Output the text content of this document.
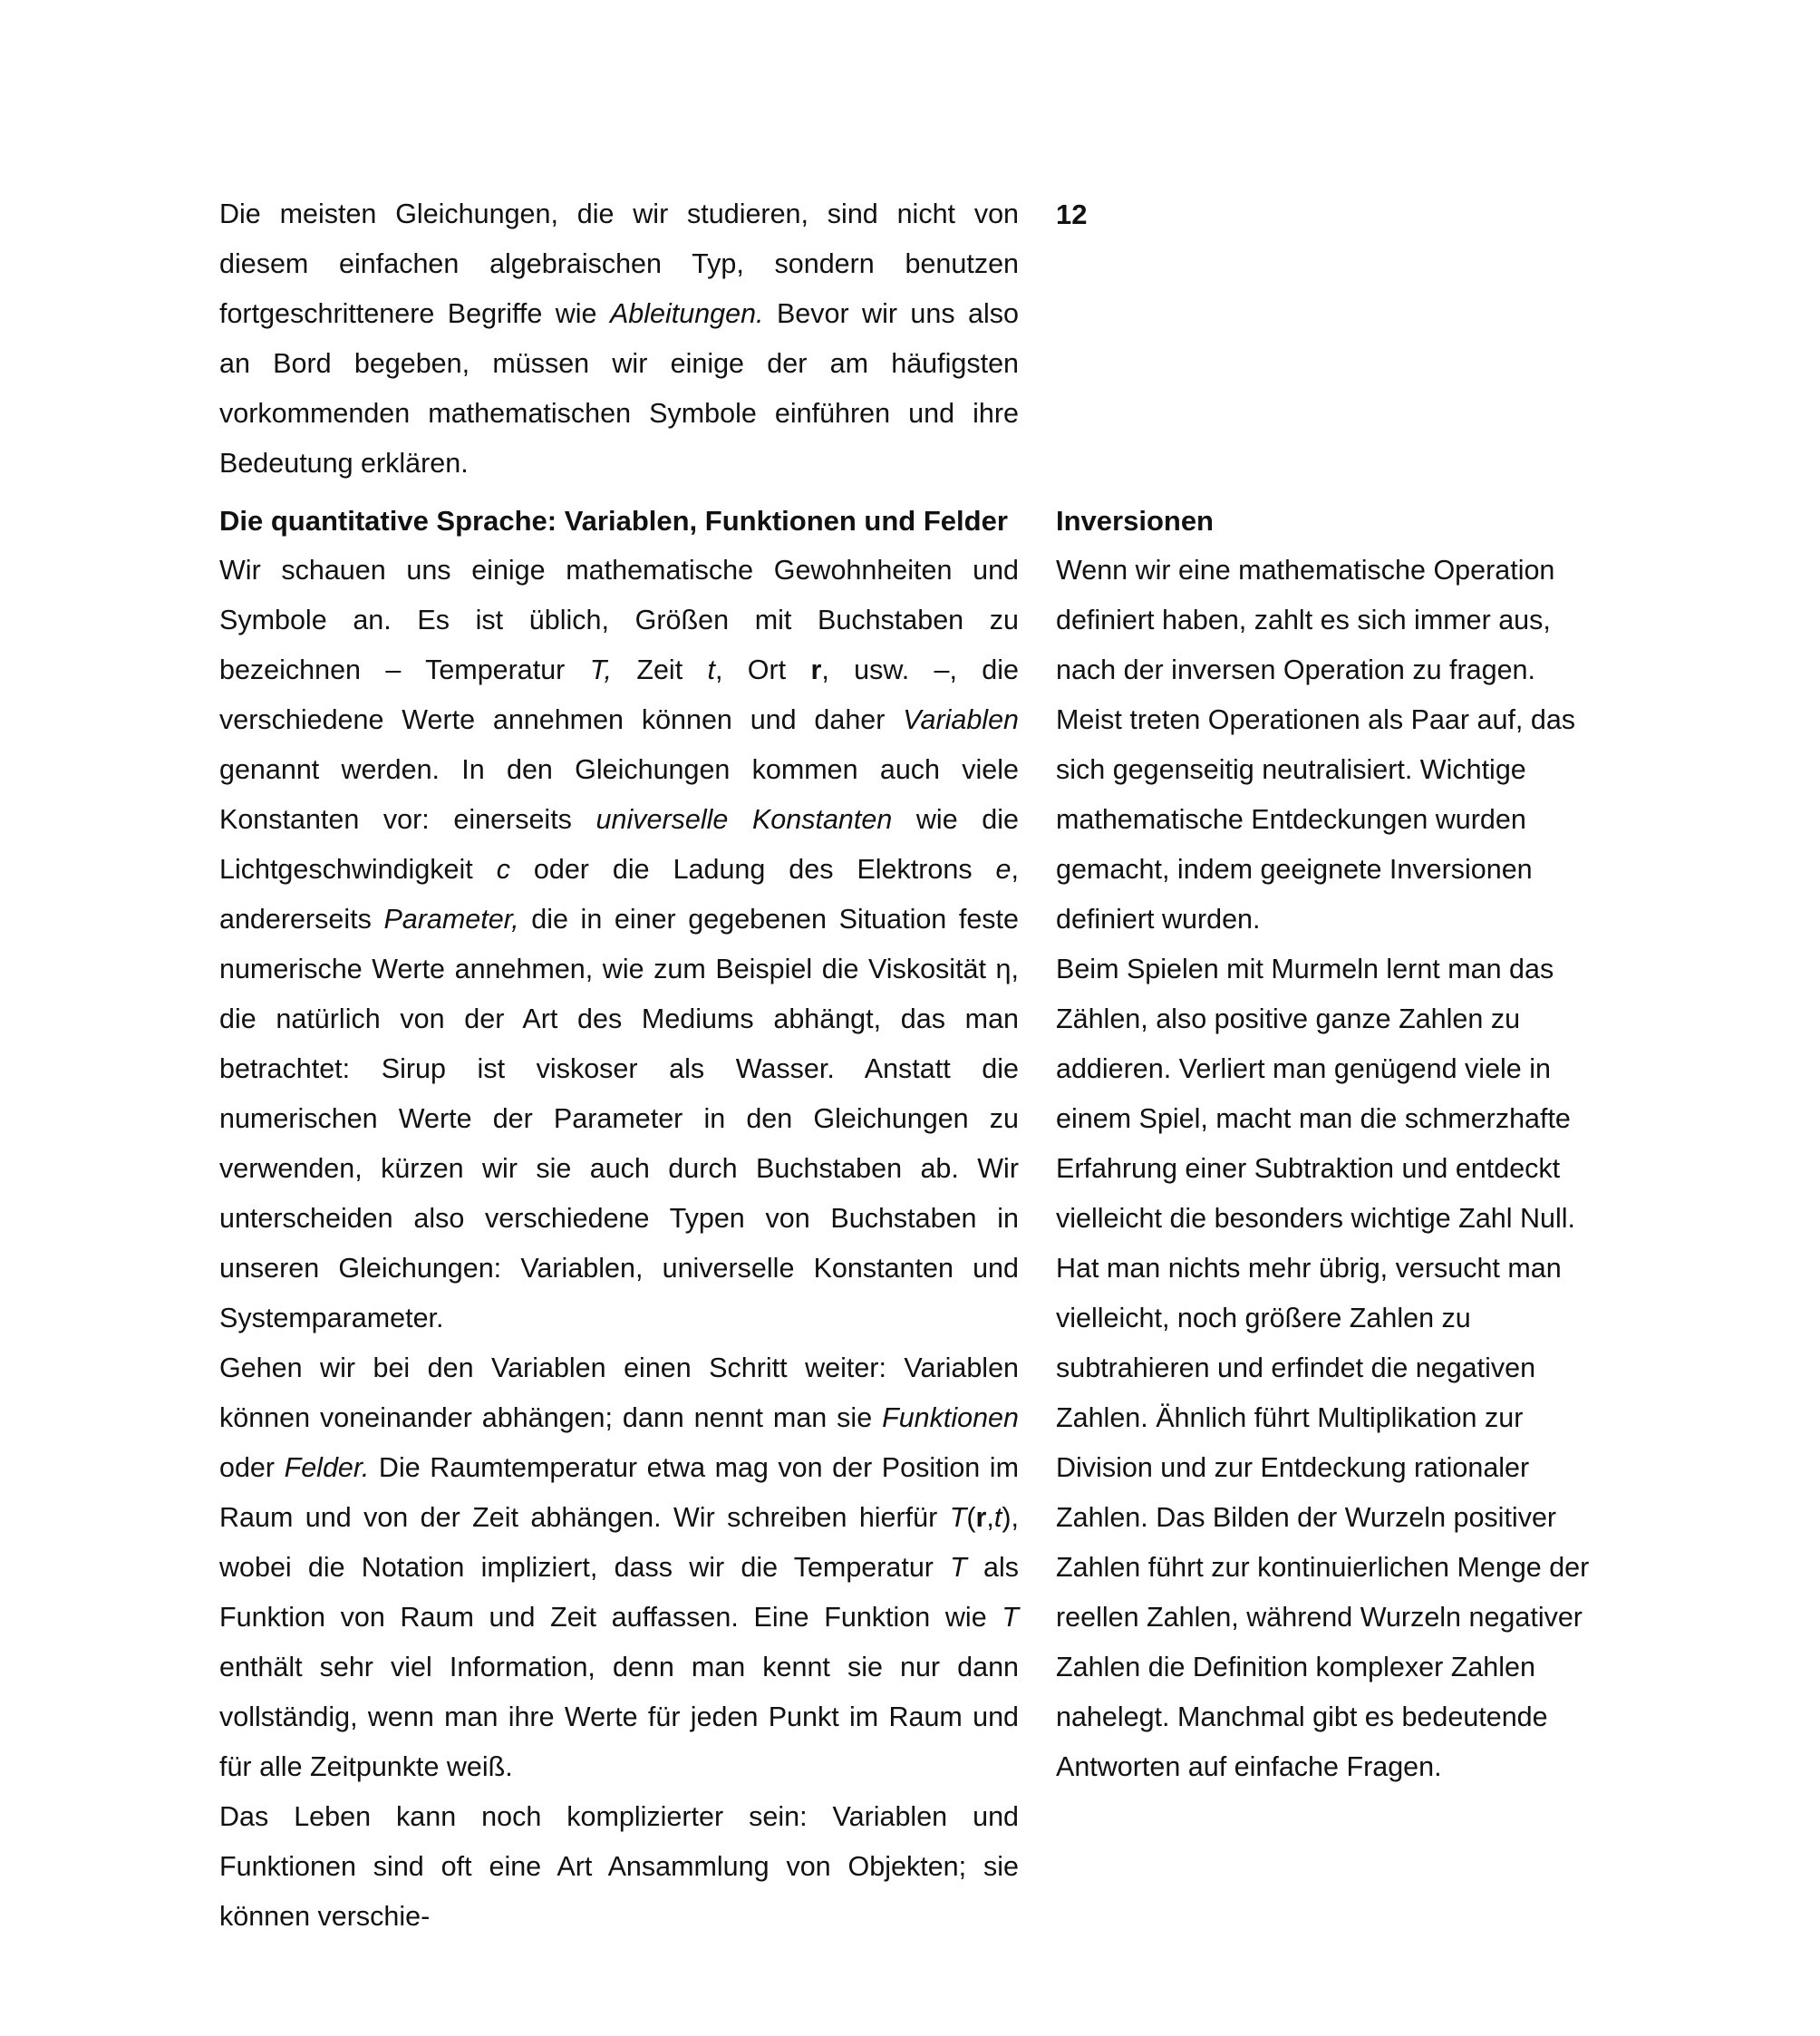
Die meisten Gleichungen, die wir studieren, sind nicht von diesem einfachen algebraischen Typ, sondern benutzen fortgeschrittenere Begriffe wie Ableitungen. Bevor wir uns also an Bord begeben, müssen wir einige der am häufigsten vorkommenden mathematischen Symbole einführen und ihre Bedeutung erklären.

12
Die quantitative Sprache: Variablen, Funktionen und Felder

Wir schauen uns einige mathematische Gewohnheiten und Symbole an. Es ist üblich, Größen mit Buchstaben zu bezeichnen – Temperatur T, Zeit t, Ort r, usw. –, die verschiedene Werte annehmen können und daher Variablen genannt werden. In den Gleichungen kommen auch viele Konstanten vor: einerseits universelle Konstanten wie die Lichtgeschwindigkeit c oder die Ladung des Elektrons e, andererseits Parameter, die in einer gegebenen Situation feste numerische Werte annehmen, wie zum Beispiel die Viskosität η, die natürlich von der Art des Mediums abhängt, das man betrachtet: Sirup ist viskoser als Wasser. Anstatt die numerischen Werte der Parameter in den Gleichungen zu verwenden, kürzen wir sie auch durch Buchstaben ab. Wir unterscheiden also verschiedene Typen von Buchstaben in unseren Gleichungen: Variablen, universelle Konstanten und Systemparameter.

Gehen wir bei den Variablen einen Schritt weiter: Variablen können voneinander abhängen; dann nennt man sie Funktionen oder Felder. Die Raumtemperatur etwa mag von der Position im Raum und von der Zeit abhängen. Wir schreiben hierfür T(r,t), wobei die Notation impliziert, dass wir die Temperatur T als Funktion von Raum und Zeit auffassen. Eine Funktion wie T enthält sehr viel Information, denn man kennt sie nur dann vollständig, wenn man ihre Werte für jeden Punkt im Raum und für alle Zeitpunkte weiß.

Das Leben kann noch komplizierter sein: Variablen und Funktionen sind oft eine Art Ansammlung von Objekten; sie können verschie-

Inversionen

Wenn wir eine mathematische Operation definiert haben, zahlt es sich immer aus, nach der inversen Operation zu fragen. Meist treten Operationen als Paar auf, das sich gegenseitig neutralisiert. Wichtige mathematische Entdeckungen wurden gemacht, indem geeignete Inversionen definiert wurden.

Beim Spielen mit Murmeln lernt man das Zählen, also positive ganze Zahlen zu addieren. Verliert man genügend viele in einem Spiel, macht man die schmerzhafte Erfahrung einer Subtraktion und entdeckt vielleicht die besonders wichtige Zahl Null. Hat man nichts mehr übrig, versucht man vielleicht, noch größere Zahlen zu subtrahieren und erfindet die negativen Zahlen. Ähnlich führt Multiplikation zur Division und zur Entdeckung rationaler Zahlen. Das Bilden der Wurzeln positiver Zahlen führt zur kontinuierlichen Menge der reellen Zahlen, während Wurzeln negativer Zahlen die Definition komplexer Zahlen nahelegt. Manchmal gibt es bedeutende Antworten auf einfache Fragen.
